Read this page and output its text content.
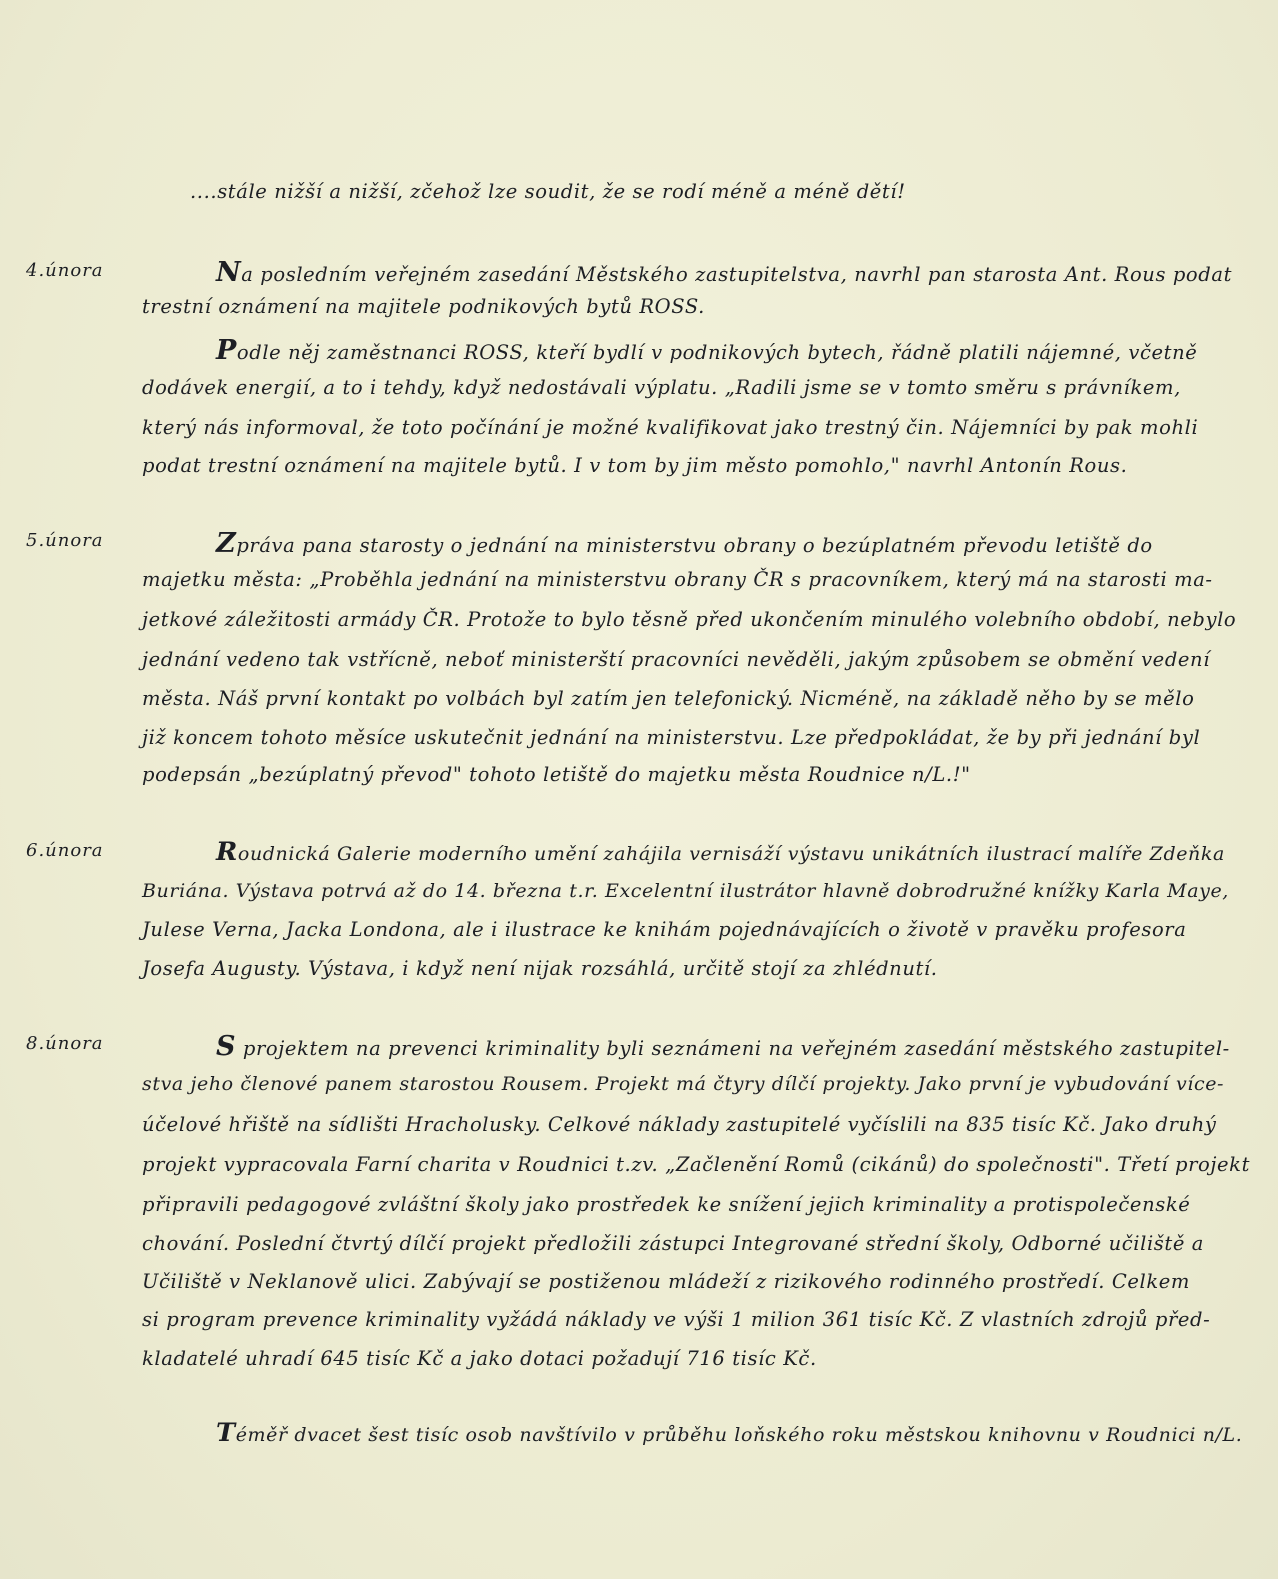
....stále nižší a nižší, zčehož lze soudit, že se rodí méně a méně dětí!
4.února	Na posledním veřejném zasedání Městského zastupitelstva, navrhl pan starosta Ant. Rous podat
trestní oznámení na majitele podnikových bytů ROSS.
Podle něj zaměstnanci ROSS, kteří bydlí v podnikových bytech, řádně platili nájemné, včetně
dodávek energií, a to i tehdy, když nedostávali výplatu. „Radili jsme se v tomto směru s právníkem,
který nás informoval, že toto počínání je možné kvalifikovat jako trestný čin. Nájemníci by pak mohli
podat trestní oznámení na majitele bytů. I v tom by jim město pomohlo," navrhl Antonín Rous.
5.února	Zpráva pana starosty o jednání na ministerstvu obrany o bezúplatném převodu letiště do
majetku města: „Proběhla jednání na ministerstvu obrany ČR s pracovníkem, který má na starosti ma-
jetkové záležitosti armády ČR. Protože to bylo těsně před ukončením minulého volebního období, nebylo
jednání vedeno tak vstřícně, neboť ministerští pracovníci nevěděli, jakým způsobem se obmění vedení
města. Náš první kontakt po volbách byl zatím jen telefonický. Nicméně, na základě něho by se mělo
již koncem tohoto měsíce uskutečnit jednání na ministerstvu. Lze předpokládat, že by při jednání byl
podepsán „bezúplatný převod" tohoto letiště do majetku města Roudnice n/L.!"
6.února	Roudnická Galerie moderního umění zahájila vernisáží výstavu unikátních ilustrací malíře Zdeňka
Buriána. Výstava potrvá až do 14. března t.r. Excelentní ilustrátor hlavně dobrodružné knížky Karla Maye,
Julese Verna, Jacka Londona, ale i ilustrace ke knihám pojednávajících o životě v pravěku profesora
Josefa Augusty. Výstava, i když není nijak rozsáhlá, určitě stojí za zhlédnutí.
8.února	S projektem na prevenci kriminality byli seznámeni na veřejném zasedání městského zastupitel-
stva jeho členové panem starostou Rousem. Projekt má čtyry dílčí projekty. Jako první je vybudování více-
účelové hřiště na sídlišti Hracholusky. Celkové náklady zastupitelé vyčíslili na 835 tisíc Kč. Jako druhý
projekt vypracovala Farní charita v Roudnici t.zv. „Začlenění Romů (cikánů) do společnosti". Třetí projekt
připravili pedagogové zvláštní školy jako prostředek ke snížení jejich kriminality a protispolečenské
chování. Poslední čtvrtý dílčí projekt předložili zástupci Integrované střední školy, Odborné učiliště a
Učiliště v Neklanově ulici. Zabývají se postiženou mládeží z rizikového rodinného prostředí. Celkem
si program prevence kriminality vyžádá náklady ve výši 1 milion 361 tisíc Kč. Z vlastních zdrojů před-
kladatelé uhradí 645 tisíc Kč a jako dotaci požadují 716 tisíc Kč.
Téměř dvacet šest tisíc osob navštívilo v průběhu loňského roku městskou knihovnu v Roudnici n/L.
